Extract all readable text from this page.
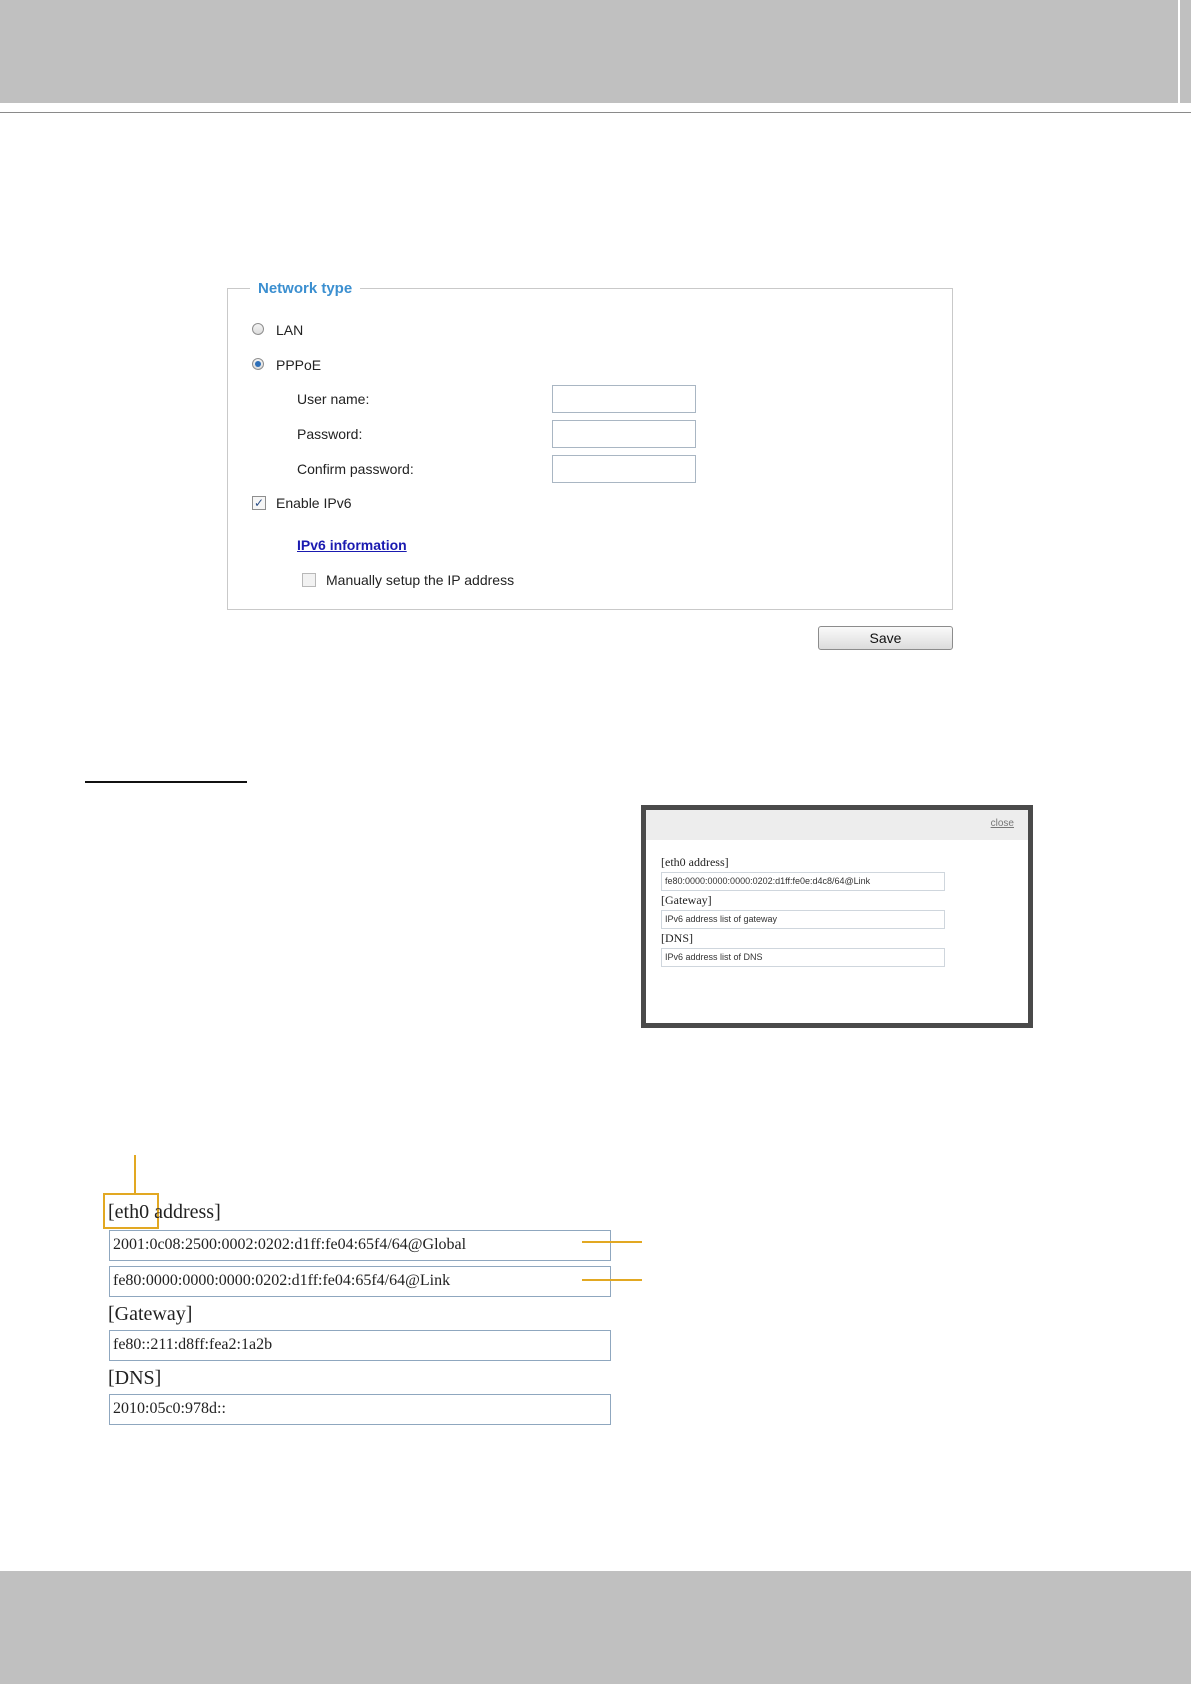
Network type
LAN
PPPoE
User name:
Password:
Confirm password:
✓ Enable IPv6
IPv6 information
Manually setup the IP address
Save
close
[eth0 address]
fe80:0000:0000:0000:0202:d1ff:fe0e:d4c8/64@Link
[Gateway]
IPv6 address list of gateway
[DNS]
IPv6 address list of DNS
[eth0 address]
2001:0c08:2500:0002:0202:d1ff:fe04:65f4/64@Global
fe80:0000:0000:0000:0202:d1ff:fe04:65f4/64@Link
[Gateway]
fe80::211:d8ff:fea2:1a2b
[DNS]
2010:05c0:978d::
